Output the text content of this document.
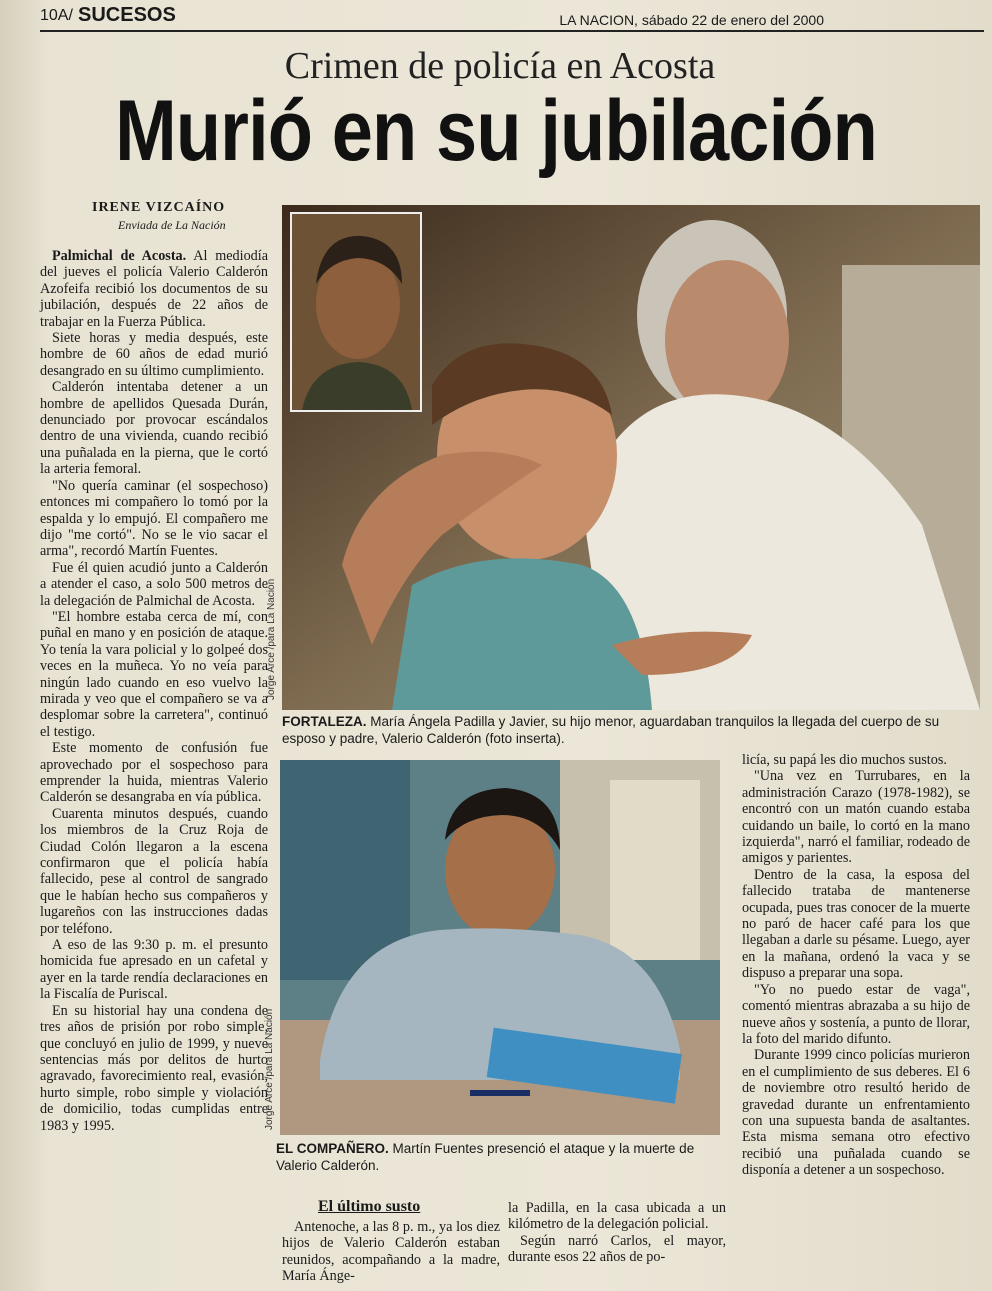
10A/ SUCESOS	LA NACION, sábado 22 de enero del 2000
Crimen de policía en Acosta
Murió en su jubilación
IRENE VIZCAÍNO
Enviada de La Nación

Palmichal de Acosta. Al mediodía del jueves el policía Valerio Calderón Azofeifa recibió los documentos de su jubilación, después de 22 años de trabajar en la Fuerza Pública.

Siete horas y media después, este hombre de 60 años de edad murió desangrado en su último cumplimiento.

Calderón intentaba detener a un hombre de apellidos Quesada Durán, denunciado por provocar escándalos dentro de una vivienda, cuando recibió una puñalada en la pierna, que le cortó la arteria femoral.

"No quería caminar (el sospechoso) entonces mi compañero lo tomó por la espalda y lo empujó. El compañero me dijo "me cortó". No se le vio sacar el arma", recordó Martín Fuentes.

Fue él quien acudió junto a Calderón a atender el caso, a solo 500 metros de la delegación de Palmichal de Acosta.

"El hombre estaba cerca de mí, con puñal en mano y en posición de ataque. Yo tenía la vara policial y lo golpeé dos veces en la muñeca. Yo no veía para ningún lado cuando en eso vuelvo la mirada y veo que el compañero se va a desplomar sobre la carretera", continuó el testigo.

Este momento de confusión fue aprovechado por el sospechoso para emprender la huida, mientras Valerio Calderón se desangraba en vía pública.

Cuarenta minutos después, cuando los miembros de la Cruz Roja de Ciudad Colón llegaron a la escena confirmaron que el policía había fallecido, pese al control de sangrado que le habían hecho sus compañeros y lugareños con las instrucciones dadas por teléfono.

A eso de las 9:30 p. m. el presunto homicida fue apresado en un cafetal y ayer en la tarde rendía declaraciones en la Fiscalía de Puriscal.

En su historial hay una condena de tres años de prisión por robo simple, que concluyó en julio de 1999, y nueve sentencias más por delitos de hurto agravado, favorecimiento real, evasión, hurto simple, robo simple y violación de domicilio, todas cumplidas entre 1983 y 1995.

Jorge Arce /para La Nación
FORTALEZA. María Ángela Padilla y Javier, su hijo menor, aguardaban tranquilos la llegada del cuerpo de su esposo y padre, Valerio Calderón (foto inserta).
Jorge Arce /para La Nación
EL COMPAÑERO. Martín Fuentes presenció el ataque y la muerte de Valerio Calderón.
El último susto

Antenoche, a las 8 p. m., ya los diez hijos de Valerio Calderón estaban reunidos, acompañando a la madre, María Ánge-

la Padilla, en la casa ubicada a un kilómetro de la delegación policial.

Según narró Carlos, el mayor, durante esos 22 años de po-

licía, su papá les dio muchos sustos.

"Una vez en Turrubares, en la administración Carazo (1978-1982), se encontró con un matón cuando estaba cuidando un baile, lo cortó en la mano izquierda", narró el familiar, rodeado de amigos y parientes.

Dentro de la casa, la esposa del fallecido trataba de mantenerse ocupada, pues tras conocer de la muerte no paró de hacer café para los que llegaban a darle su pésame. Luego, ayer en la mañana, ordenó la vaca y se dispuso a preparar una sopa.

"Yo no puedo estar de vaga", comentó mientras abrazaba a su hijo de nueve años y sostenía, a punto de llorar, la foto del marido difunto.

Durante 1999 cinco policías murieron en el cumplimiento de sus deberes. El 6 de noviembre otro resultó herido de gravedad durante un enfrentamiento con una supuesta banda de asaltantes. Esta misma semana otro efectivo recibió una puñalada cuando se disponía a detener a un sospechoso.
